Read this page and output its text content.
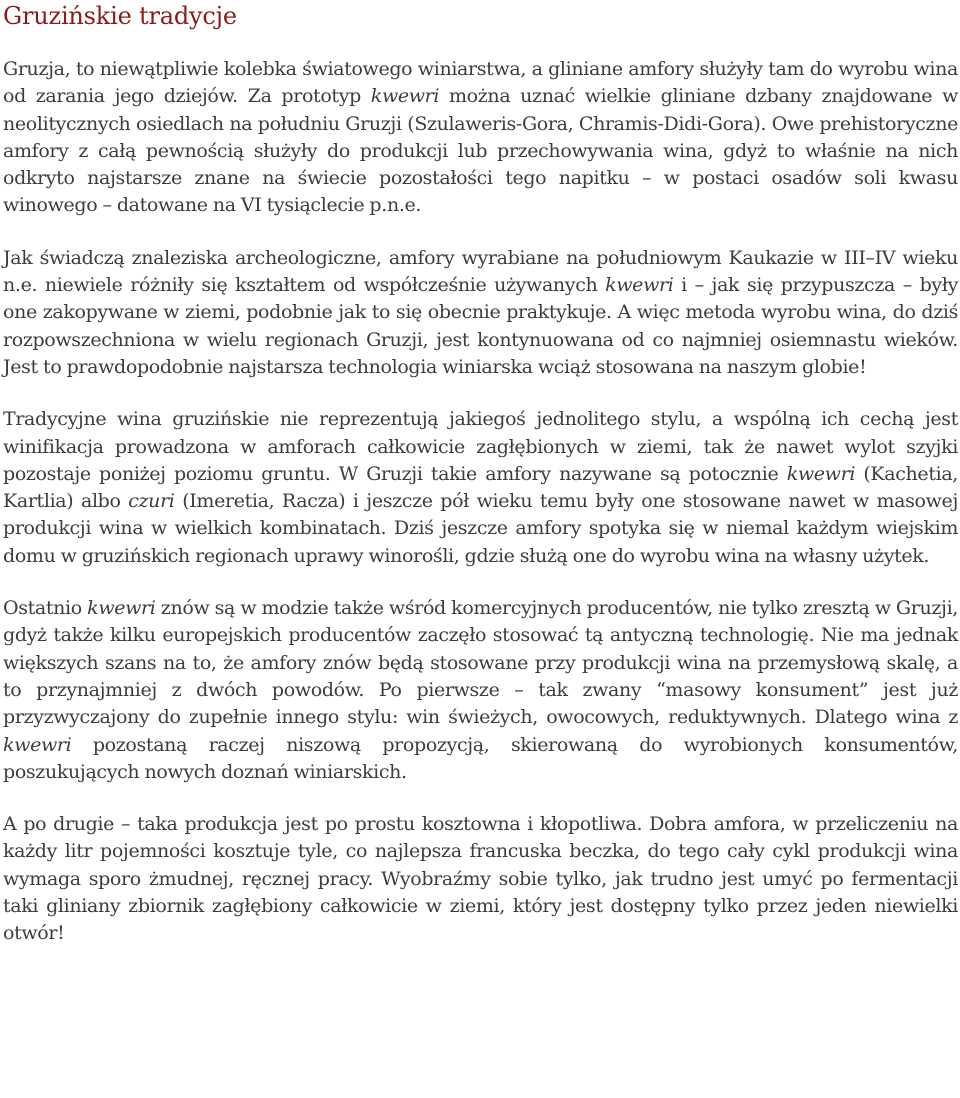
Gruzińskie tradycje

Gruzja, to niewątpliwie kolebka światowego winiarstwa, a gliniane amfory służyły tam do wyrobu wina od zarania jego dziejów. Za prototyp kwewri można uznać wielkie gliniane dzbany znajdowane w neolitycznych osiedlach na południu Gruzji (Szulaweris-Gora, Chramis-Didi-Gora). Owe prehistoryczne amfory z całą pewnością służyły do produkcji lub przechowywania wina, gdyż to właśnie na nich odkryto najstarsze znane na świecie pozostałości tego napitku – w postaci osadów soli kwasu winowego – datowane na VI tysiąclecie p.n.e.

Jak świadczą znaleziska archeologiczne, amfory wyrabiane na południowym Kaukazie w III–IV wieku n.e. niewiele różniły się kształtem od współcześnie używanych kwewri i – jak się przypuszcza – były one zakopywane w ziemi, podobnie jak to się obecnie praktykuje. A więc metoda wyrobu wina, do dziś rozpowszechniona w wielu regionach Gruzji, jest kontynuowana od co najmniej osiemnastu wieków. Jest to prawdopodobnie najstarsza technologia winiarska wciąż stosowana na naszym globie!

Tradycyjne wina gruzińskie nie reprezentują jakiegoś jednolitego stylu, a wspólną ich cechą jest winifikacja prowadzona w amforach całkowicie zagłębionych w ziemi, tak że nawet wylot szyjki pozostaje poniżej poziomu gruntu. W Gruzji takie amfory nazywane są potocznie kwewri (Kachetia, Kartlia) albo czuri (Imeretia, Racza) i jeszcze pół wieku temu były one stosowane nawet w masowej produkcji wina w wielkich kombinatach. Dziś jeszcze amfory spotyka się w niemal każdym wiejskim domu w gruzińskich regionach uprawy winorośli, gdzie służą one do wyrobu wina na własny użytek.

Ostatnio kwewri znów są w modzie także wśród komercyjnych producentów, nie tylko zresztą w Gruzji, gdyż także kilku europejskich producentów zaczęło stosować tą antyczną technologię. Nie ma jednak większych szans na to, że amfory znów będą stosowane przy produkcji wina na przemysłową skalę, a to przynajmniej z dwóch powodów. Po pierwsze – tak zwany “masowy konsument” jest już przyzwyczajony do zupełnie innego stylu: win świeżych, owocowych, reduktywnych. Dlatego wina z kwewri pozostaną raczej niszową propozycją, skierowaną do wyrobionych konsumentów, poszukujących nowych doznań winiarskich.

A po drugie – taka produkcja jest po prostu kosztowna i kłopotliwa. Dobra amfora, w przeliczeniu na każdy litr pojemności kosztuje tyle, co najlepsza francuska beczka, do tego cały cykl produkcji wina wymaga sporo żmudnej, ręcznej pracy. Wyobraźmy sobie tylko, jak trudno jest umyć po fermentacji taki gliniany zbiornik zagłębiony całkowicie w ziemi, który jest dostępny tylko przez jeden niewielki otwór!
